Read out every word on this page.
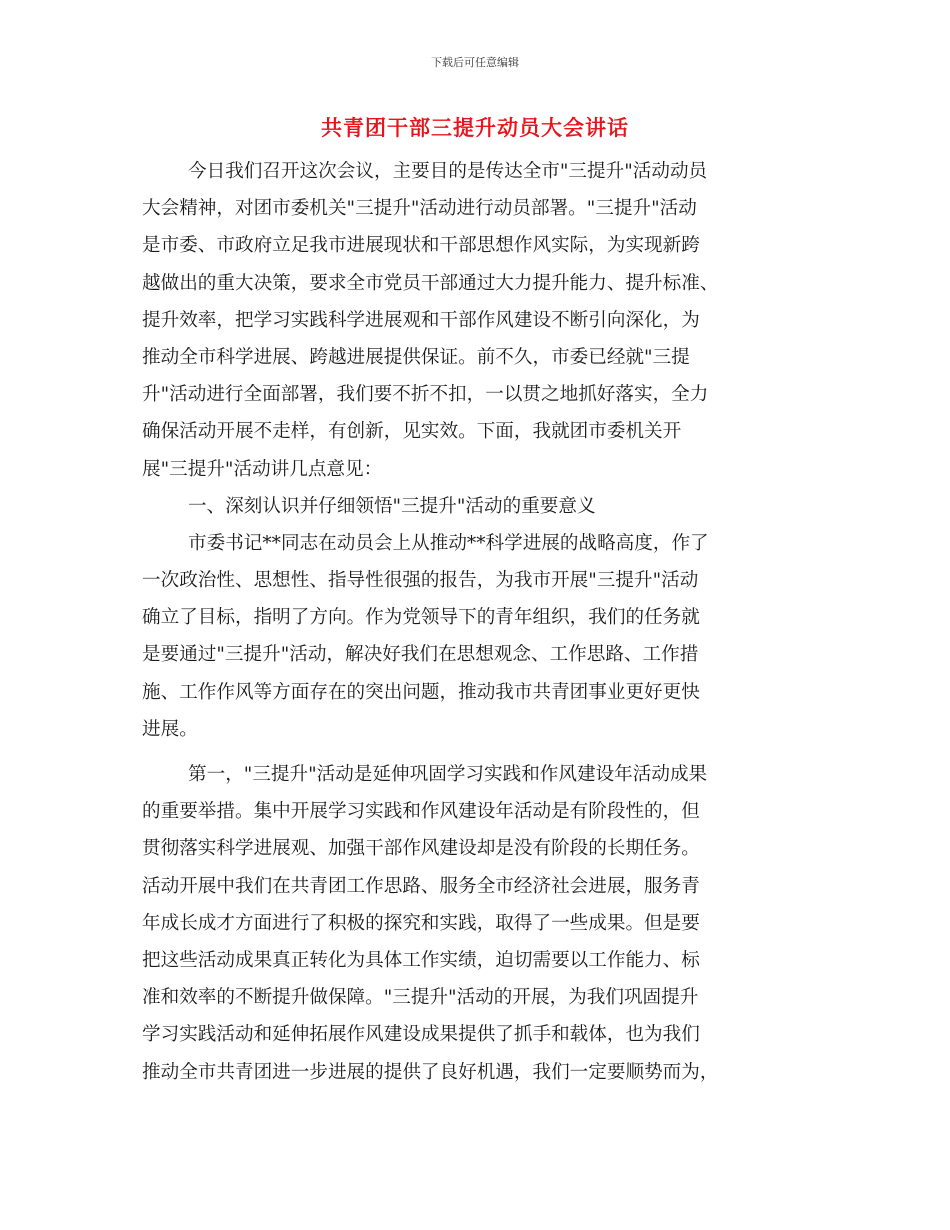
下载后可任意编辑
共青团干部三提升动员大会讲话
今日我们召开这次会议，主要目的是传达全市"三提升"活动动员
大会精神，对团市委机关"三提升"活动进行动员部署。"三提升"活动
是市委、市政府立足我市进展现状和干部思想作风实际，为实现新跨
越做出的重大决策，要求全市党员干部通过大力提升能力、提升标准、
提升效率，把学习实践科学进展观和干部作风建设不断引向深化，为
推动全市科学进展、跨越进展提供保证。前不久，市委已经就"三提
升"活动进行全面部署，我们要不折不扣，一以贯之地抓好落实，全力
确保活动开展不走样，有创新，见实效。下面，我就团市委机关开
展"三提升"活动讲几点意见：
一、深刻认识并仔细领悟"三提升"活动的重要意义
市委书记**同志在动员会上从推动**科学进展的战略高度，作了
一次政治性、思想性、指导性很强的报告，为我市开展"三提升"活动
确立了目标，指明了方向。作为党领导下的青年组织，我们的任务就
是要通过"三提升"活动，解决好我们在思想观念、工作思路、工作措
施、工作作风等方面存在的突出问题，推动我市共青团事业更好更快
进展。
第一，"三提升"活动是延伸巩固学习实践和作风建设年活动成果
的重要举措。集中开展学习实践和作风建设年活动是有阶段性的，但
贯彻落实科学进展观、加强干部作风建设却是没有阶段的长期任务。
活动开展中我们在共青团工作思路、服务全市经济社会进展，服务青
年成长成才方面进行了积极的探究和实践，取得了一些成果。但是要
把这些活动成果真正转化为具体工作实绩，迫切需要以工作能力、标
准和效率的不断提升做保障。"三提升"活动的开展，为我们巩固提升
学习实践活动和延伸拓展作风建设成果提供了抓手和载体，也为我们
推动全市共青团进一步进展的提供了良好机遇，我们一定要顺势而为，
